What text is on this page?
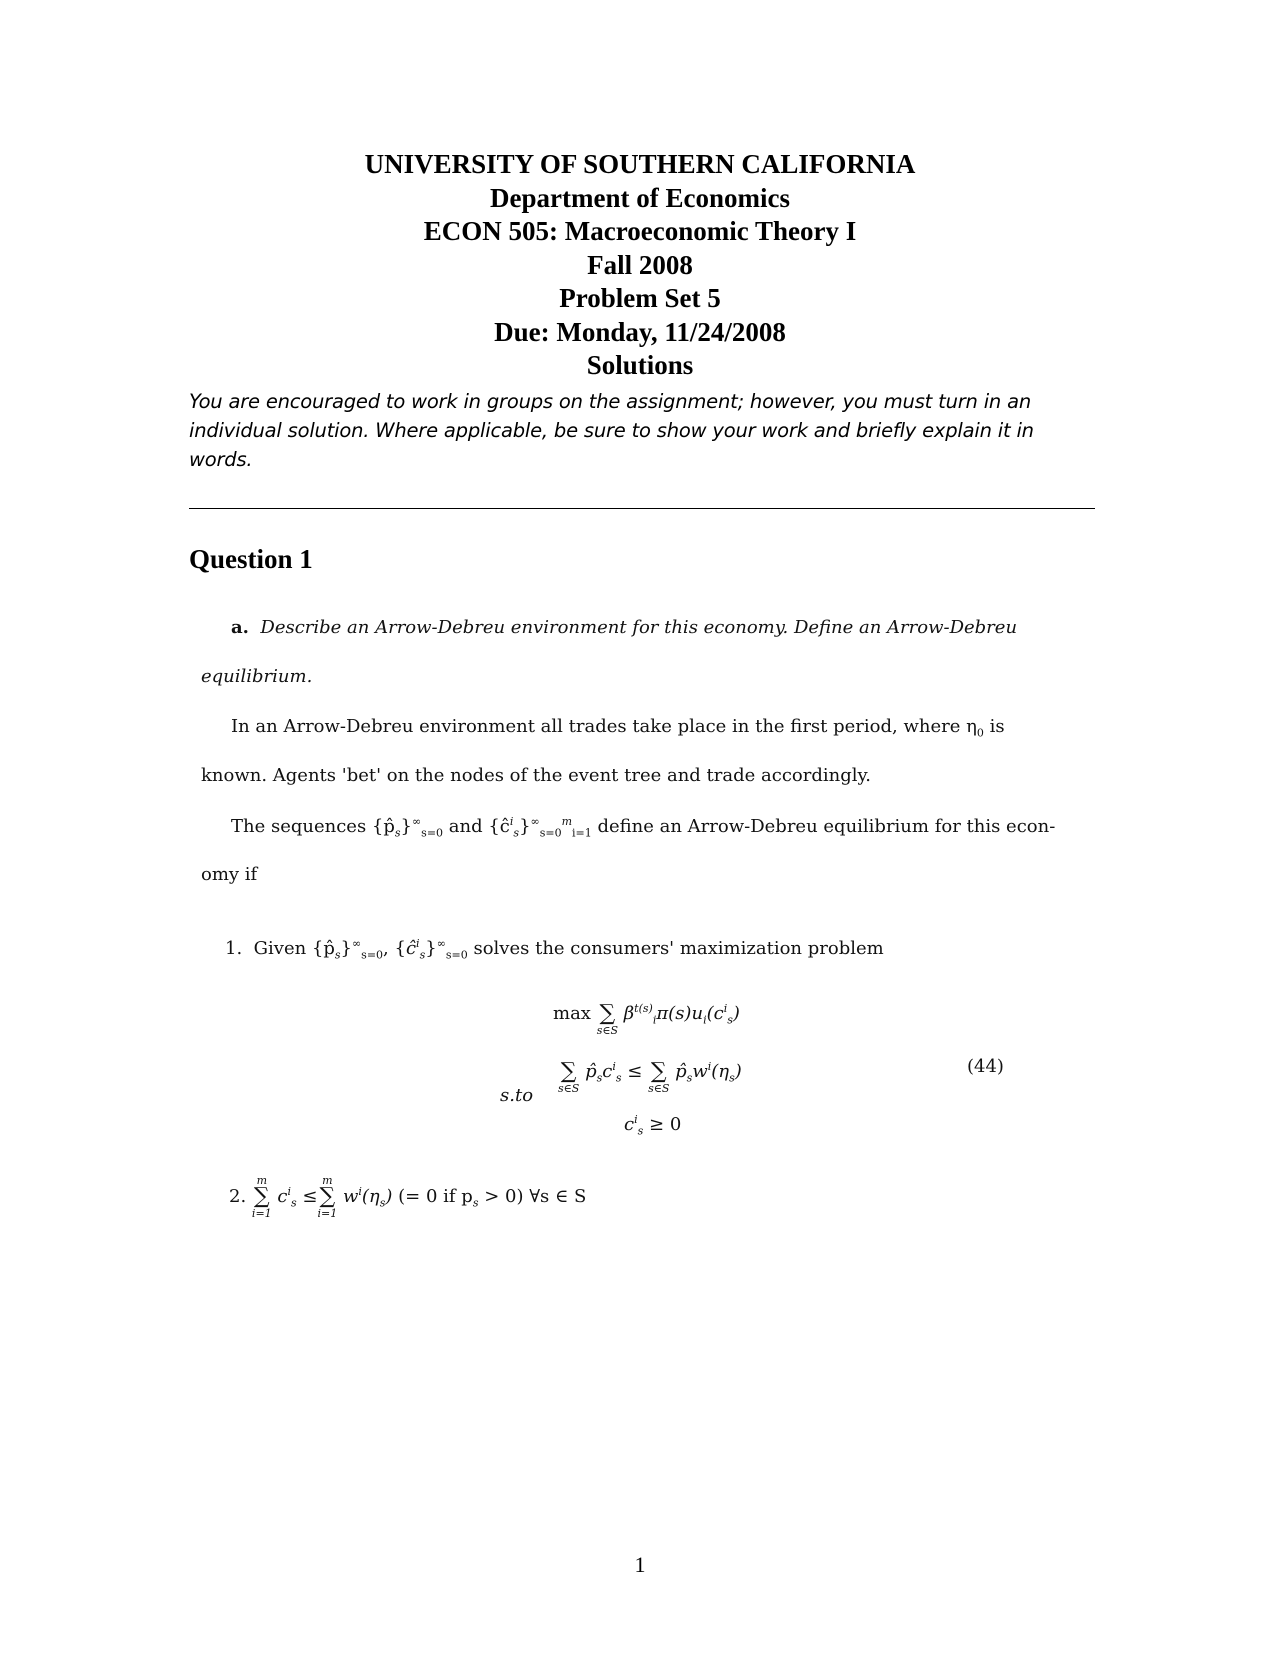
UNIVERSITY OF SOUTHERN CALIFORNIA
Department of Economics
ECON 505: Macroeconomic Theory I
Fall 2008
Problem Set 5
Due: Monday, 11/24/2008
Solutions
You are encouraged to work in groups on the assignment; however, you must turn in an
individual solution. Where applicable, be sure to show your work and briefly explain it in
words.
Question 1
a. Describe an Arrow-Debreu environment for this economy. Define an Arrow-Debreu
equilibrium.
In an Arrow-Debreu environment all trades take place in the first period, where $\eta_0$ is
known. Agents 'bet' on the nodes of the event tree and trade accordingly.
The sequences $\{p̂_s\}^\infty_{s=0}$ and $\{ĉ^i_s\}^\infty_{s=0}^m_{i=1}$ define an Arrow-Debreu equilibrium for this econ-
omy if
1. Given $\{p̂_s\}^\infty_{s=0}$, $\{ĉ^i_s\}^\infty_{s=0}$ solves the consumers' maximization problem
max
∑
s∈S
$\beta^{t(s)}_i\pi(s)u_i(c^i_s)$
s.to

∑
s∈S
$p̂_sc^i_s$ ≤
∑
s∈S
$p̂_sw^i(\eta_s)$	(44)
$c^i_s \ge 0$
2.
m
∑
i=1
$c^i_s$ ≤
m
∑
i=1
$w^i(\eta_s)$ (= 0 if $p_s > 0$) ∀s ∈ S
1
